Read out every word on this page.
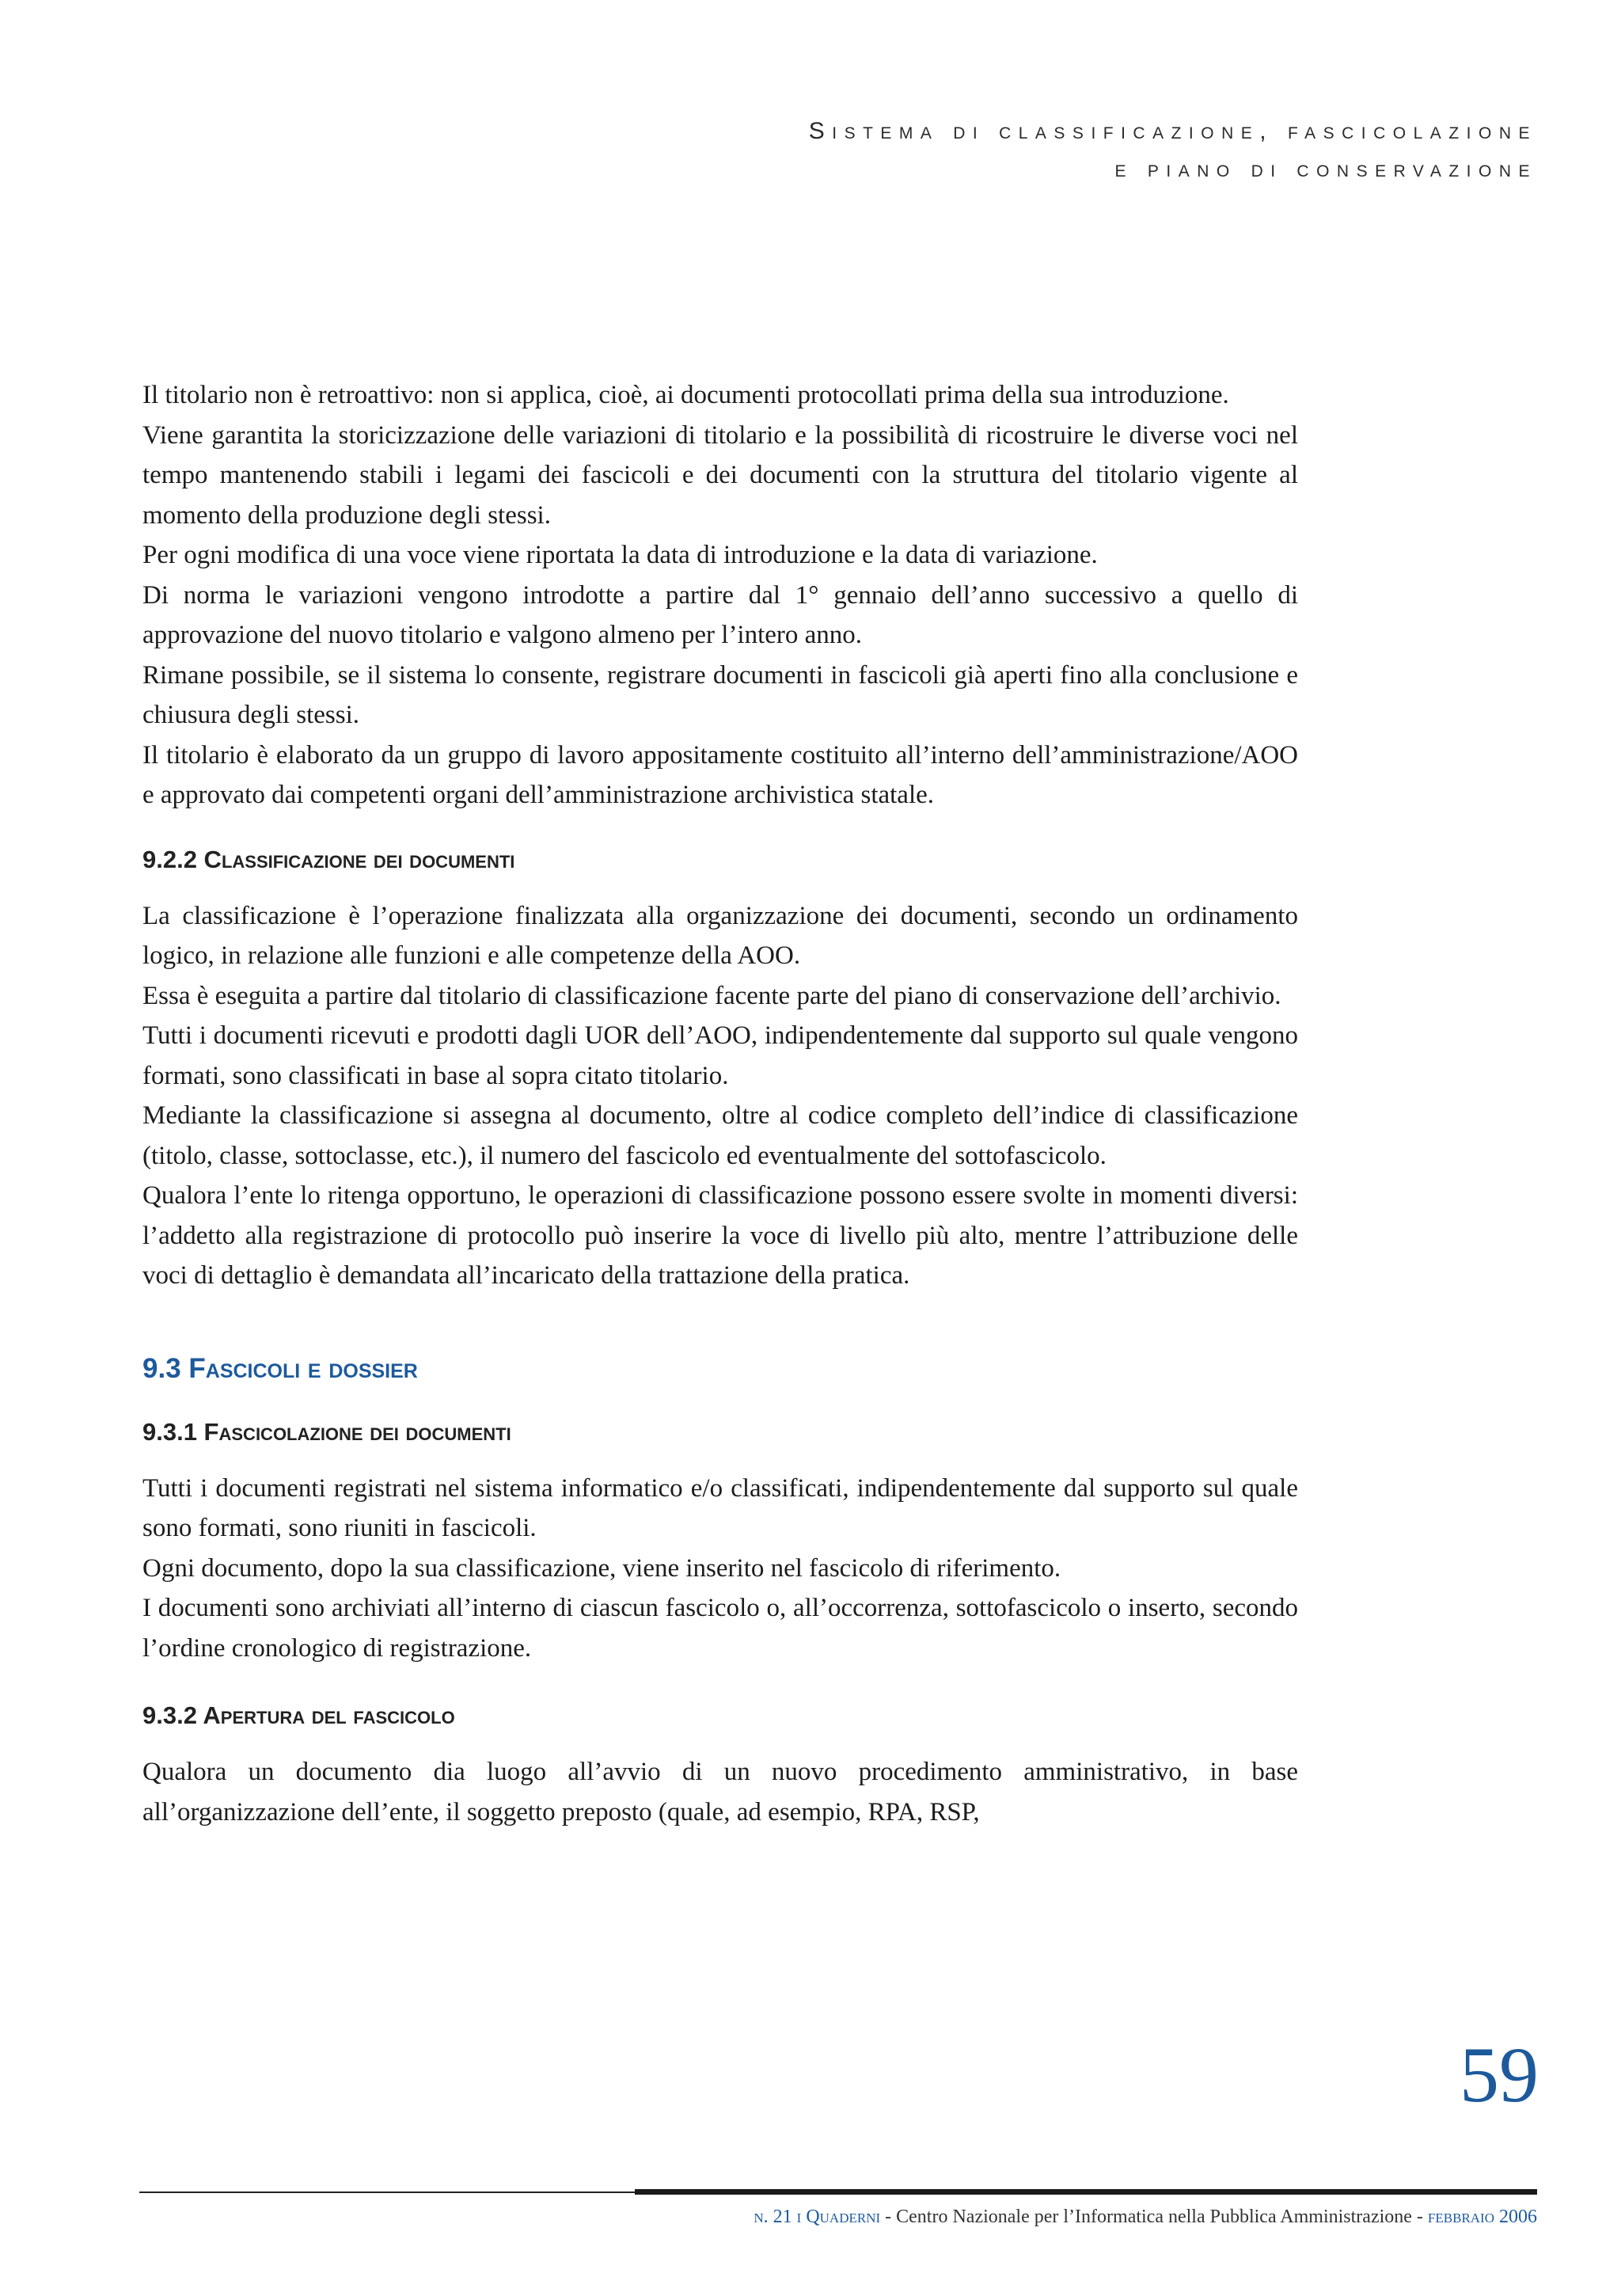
Sistema di classificazione, fascicolazione
e piano di conservazione

Il titolario non è retroattivo: non si applica, cioè, ai documenti protocollati prima della sua introduzione.

Viene garantita la storicizzazione delle variazioni di titolario e la possibilità di ricostruire le diverse voci nel tempo mantenendo stabili i legami dei fascicoli e dei documenti con la struttura del titolario vigente al momento della produzione degli stessi.

Per ogni modifica di una voce viene riportata la data di introduzione e la data di variazione.

Di norma le variazioni vengono introdotte a partire dal 1° gennaio dell’anno successivo a quello di approvazione del nuovo titolario e valgono almeno per l’intero anno.

Rimane possibile, se il sistema lo consente, registrare documenti in fascicoli già aperti fino alla conclusione e chiusura degli stessi.

Il titolario è elaborato da un gruppo di lavoro appositamente costituito all’interno dell’amministrazione/AOO e approvato dai competenti organi dell’amministrazione archivistica statale.

9.2.2 Classificazione dei documenti

La classificazione è l’operazione finalizzata alla organizzazione dei documenti, secondo un ordinamento logico, in relazione alle funzioni e alle competenze della AOO.

Essa è eseguita a partire dal titolario di classificazione facente parte del piano di conservazione dell’archivio.

Tutti i documenti ricevuti e prodotti dagli UOR dell’AOO, indipendentemente dal supporto sul quale vengono formati, sono classificati in base al sopra citato titolario.

Mediante la classificazione si assegna al documento, oltre al codice completo dell’indice di classificazione (titolo, classe, sottoclasse, etc.), il numero del fascicolo ed eventualmente del sottofascicolo.

Qualora l’ente lo ritenga opportuno, le operazioni di classificazione possono essere svolte in momenti diversi: l’addetto alla registrazione di protocollo può inserire la voce di livello più alto, mentre l’attribuzione delle voci di dettaglio è demandata all’incaricato della trattazione della pratica.

9.3 Fascicoli e dossier
9.3.1 Fascicolazione dei documenti

Tutti i documenti registrati nel sistema informatico e/o classificati, indipendentemente dal supporto sul quale sono formati, sono riuniti in fascicoli.

Ogni documento, dopo la sua classificazione, viene inserito nel fascicolo di riferimento.

I documenti sono archiviati all’interno di ciascun fascicolo o, all’occorrenza, sottofascicolo o inserto, secondo l’ordine cronologico di registrazione.

9.3.2 Apertura del fascicolo

Qualora un documento dia luogo all’avvio di un nuovo procedimento amministrativo, in base all’organizzazione dell’ente, il soggetto preposto (quale, ad esempio, RPA, RSP,

59
n. 21 i Quaderni - Centro Nazionale per l’Informatica nella Pubblica Amministrazione - febbraio 2006
